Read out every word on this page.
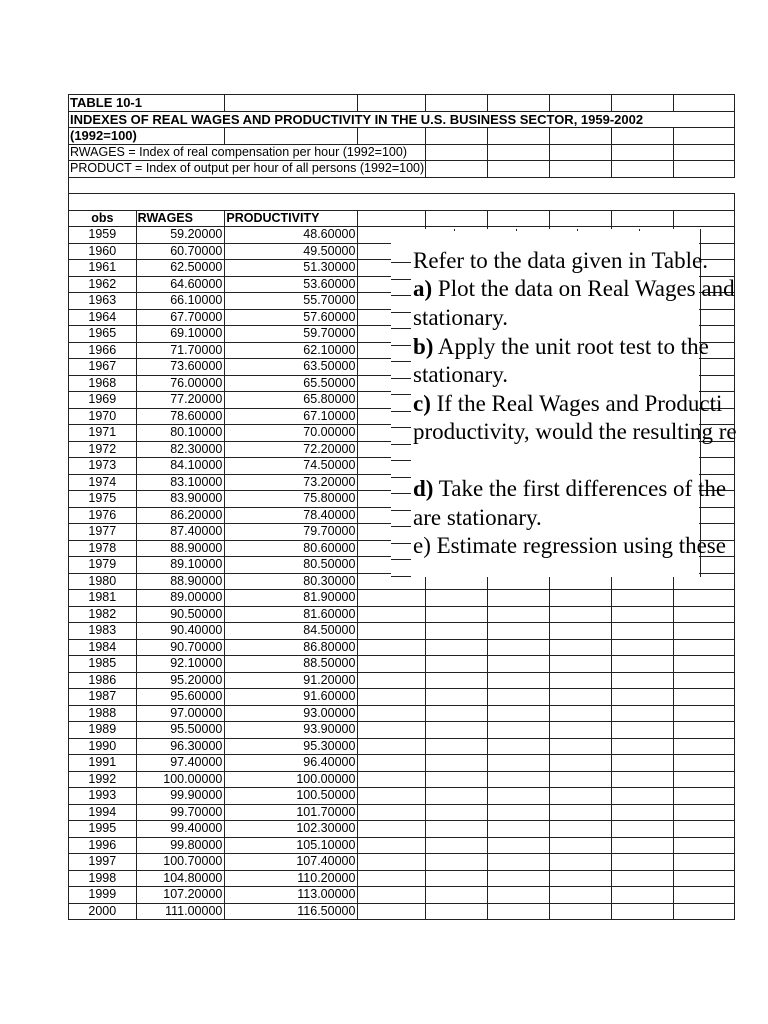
TABLE 10-1								
INDEXES OF REAL WAGES AND PRODUCTIVITY IN THE U.S. BUSINESS SECTOR, 1959-2002								
(1992=100)								
RWAGES = Index of real compensation per hour (1992=100)								
PRODUCT = Index of output per hour of all persons (1992=100)								

obs	RWAGES	PRODUCTIVITY						
1959	59.20000	48.60000						
1960	60.70000	49.50000						
1961	62.50000	51.30000						
1962	64.60000	53.60000						
1963	66.10000	55.70000						
1964	67.70000	57.60000						
1965	69.10000	59.70000						
1966	71.70000	62.10000						
1967	73.60000	63.50000						
1968	76.00000	65.50000						
1969	77.20000	65.80000						
1970	78.60000	67.10000						
1971	80.10000	70.00000						
1972	82.30000	72.20000						
1973	84.10000	74.50000						
1974	83.10000	73.20000						
1975	83.90000	75.80000						
1976	86.20000	78.40000						
1977	87.40000	79.70000						
1978	88.90000	80.60000						
1979	89.10000	80.50000						
1980	88.90000	80.30000						
1981	89.00000	81.90000						
1982	90.50000	81.60000						
1983	90.40000	84.50000						
1984	90.70000	86.80000						
1985	92.10000	88.50000						
1986	95.20000	91.20000						
1987	95.60000	91.60000						
1988	97.00000	93.00000						
1989	95.50000	93.90000						
1990	96.30000	95.30000						
1991	97.40000	96.40000						
1992	100.00000	100.00000						
1993	99.90000	100.50000						
1994	99.70000	101.70000						
1995	99.40000	102.30000						
1996	99.80000	105.10000						
1997	100.70000	107.40000						
1998	104.80000	110.20000						
1999	107.20000	113.00000						
2000	111.00000	116.50000						
Refer to the data given in Table.
a) Plot the data on Real Wages and
stationary.
b) Apply the unit root test to the
stationary.
c) If the Real Wages and Producti
productivity, would the resulting re
d) Take the first differences of the
are stationary.
e) Estimate regression using these
